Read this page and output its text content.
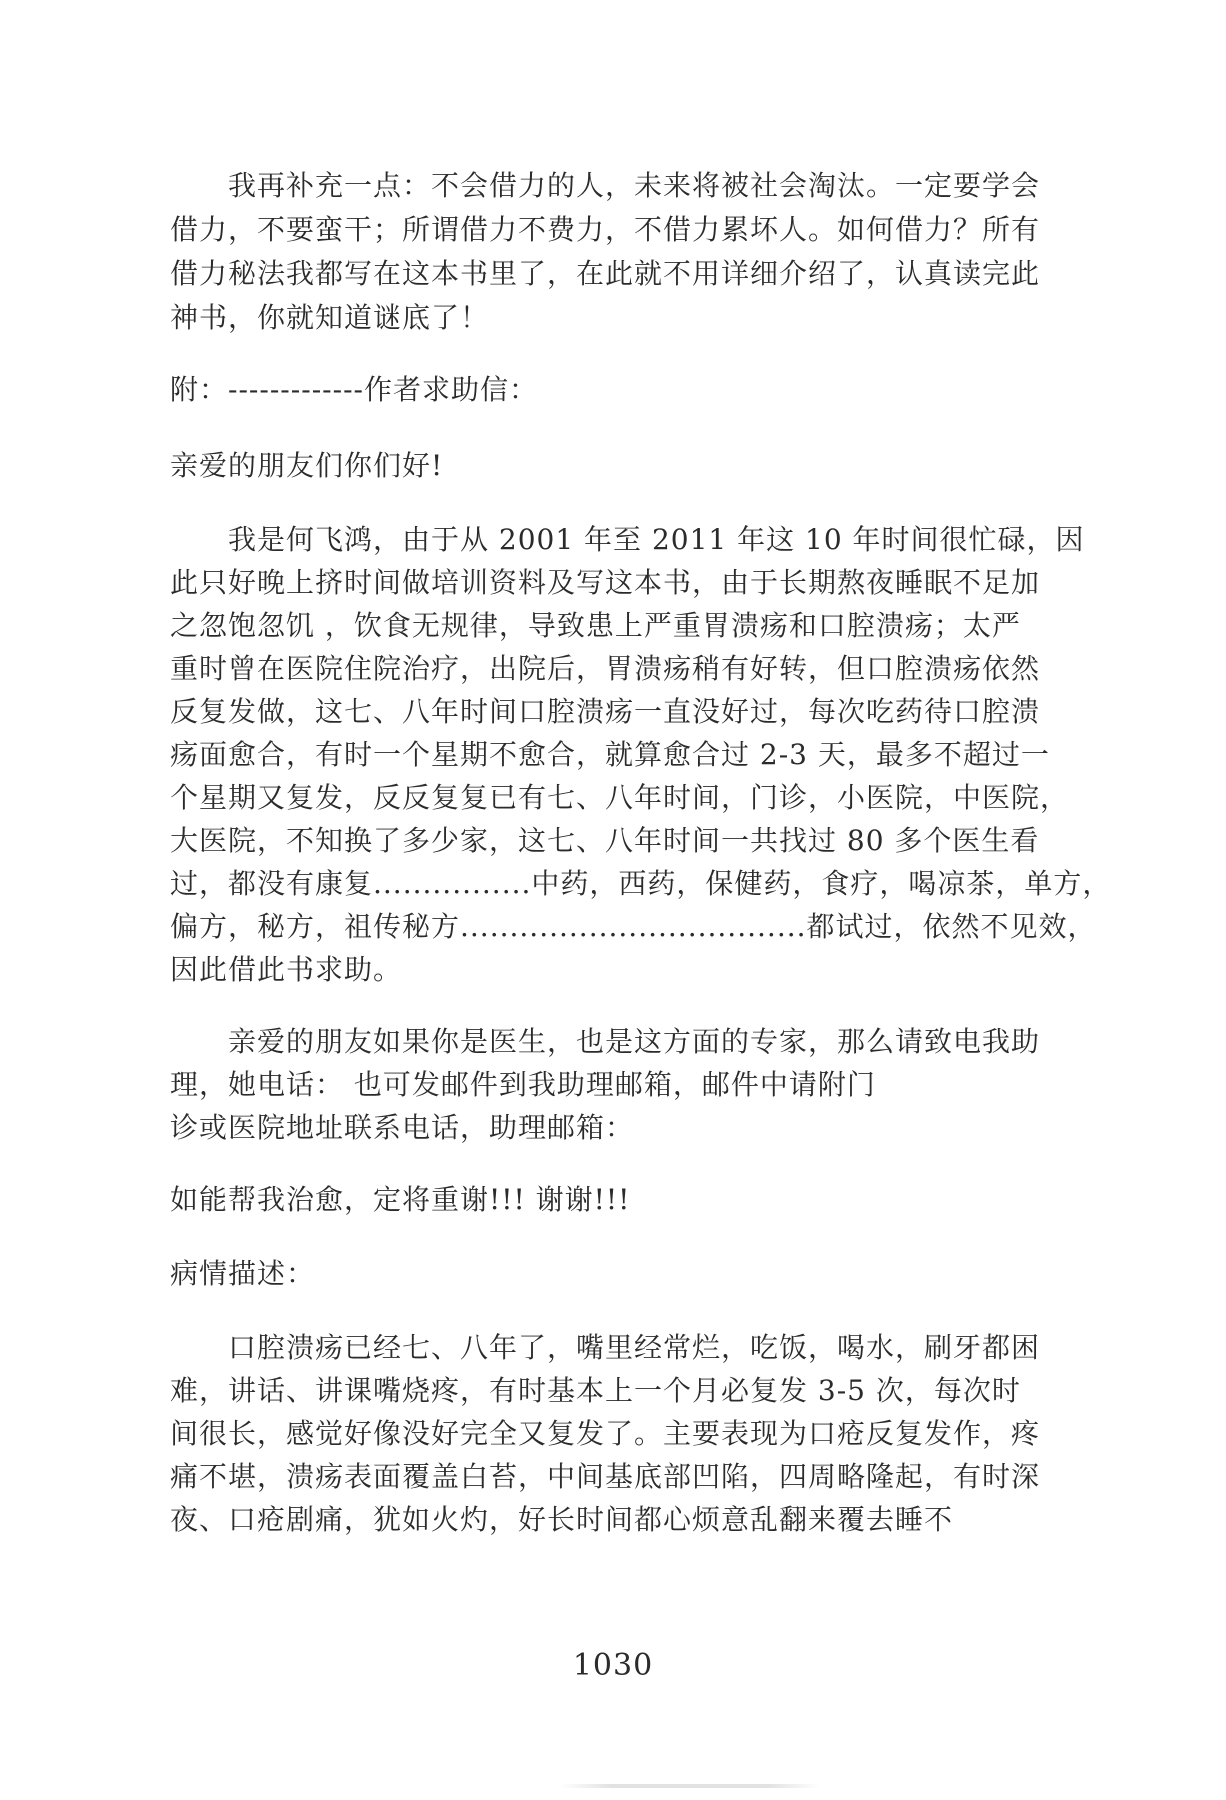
我再补充一点：不会借力的人，未来将被社会淘汰。一定要学会

借力，不要蛮干；所谓借力不费力，不借力累坏人。如何借力？所有

借力秘法我都写在这本书里了，在此就不用详细介绍了，认真读完此

神书，你就知道谜底了！

附：-------------作者求助信：

亲爱的朋友们你们好!

我是何飞鸿，由于从 2001 年至 2011 年这 10 年时间很忙碌，因

此只好晚上挤时间做培训资料及写这本书，由于长期熬夜睡眠不足加

之忽饱忽饥 ，饮食无规律，导致患上严重胃溃疡和口腔溃疡；太严

重时曾在医院住院治疗，出院后，胃溃疡稍有好转，但口腔溃疡依然

反复发做，这七、八年时间口腔溃疡一直没好过，每次吃药待口腔溃

疡面愈合，有时一个星期不愈合，就算愈合过 2-3 天，最多不超过一

个星期又复发，反反复复已有七、八年时间，门诊，小医院，中医院，

大医院，不知换了多少家，这七、八年时间一共找过 80 多个医生看

过，都没有康复................中药，西药，保健药，食疗，喝凉茶，单方，

偏方，秘方，祖传秘方...................................都试过，依然不见效，

因此借此书求助。

亲爱的朋友如果你是医生，也是这方面的专家，那么请致电我助

理，她电话： 也可发邮件到我助理邮箱，邮件中请附门

诊或医院地址联系电话，助理邮箱：

如能帮我治愈，定将重谢!!! 谢谢!!!

病情描述：

口腔溃疡已经七、八年了，嘴里经常烂，吃饭，喝水，刷牙都困

难，讲话、讲课嘴烧疼，有时基本上一个月必复发 3-5 次，每次时

间很长，感觉好像没好完全又复发了。主要表现为口疮反复发作，疼

痛不堪，溃疡表面覆盖白苔，中间基底部凹陷，四周略隆起，有时深

夜、口疮剧痛，犹如火灼，好长时间都心烦意乱翻来覆去睡不

1030
